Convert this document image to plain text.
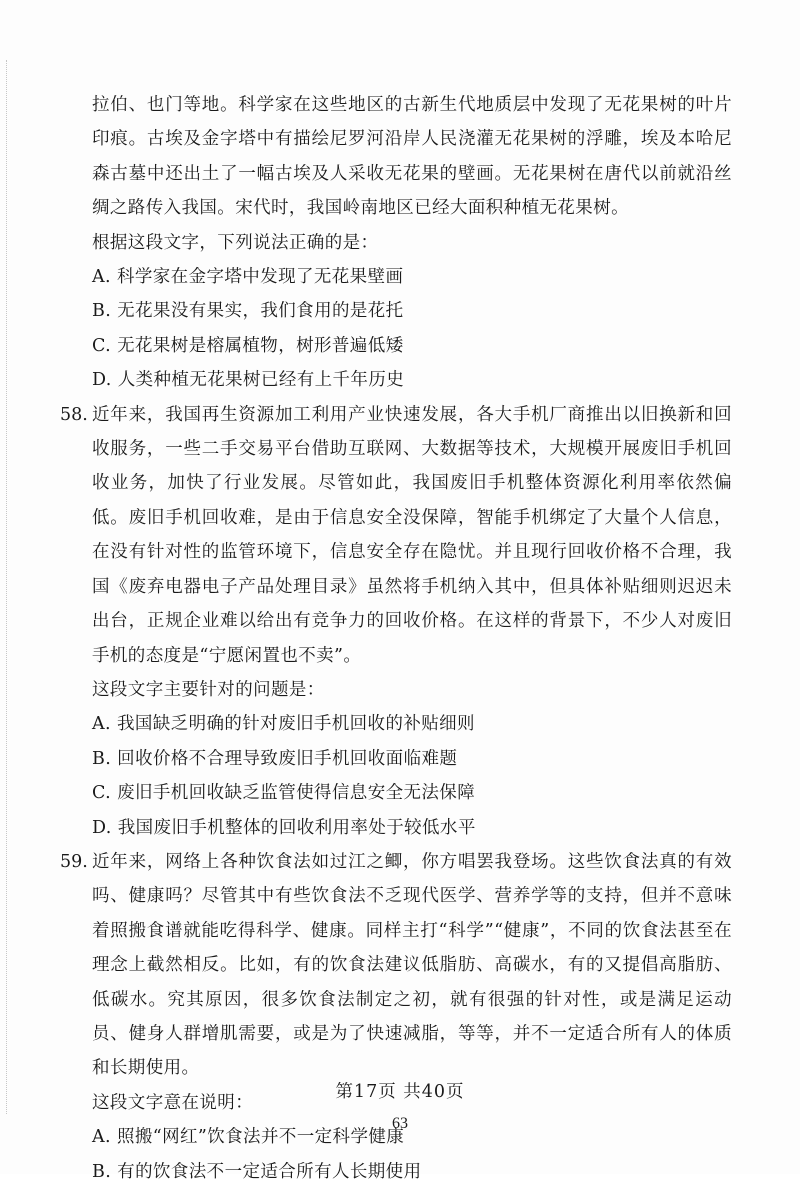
拉伯、也门等地。科学家在这些地区的古新生代地质层中发现了无花果树的叶片印痕。古埃及金字塔中有描绘尼罗河沿岸人民浇灌无花果树的浮雕，埃及本哈尼森古墓中还出土了一幅古埃及人采收无花果的壁画。无花果树在唐代以前就沿丝绸之路传入我国。宋代时，我国岭南地区已经大面积种植无花果树。

根据这段文字，下列说法正确的是：

A. 科学家在金字塔中发现了无花果壁画

B. 无花果没有果实，我们食用的是花托

C. 无花果树是榕属植物，树形普遍低矮

D. 人类种植无花果树已经有上千年历史

58. 近年来，我国再生资源加工利用产业快速发展，各大手机厂商推出以旧换新和回收服务，一些二手交易平台借助互联网、大数据等技术，大规模开展废旧手机回收业务，加快了行业发展。尽管如此，我国废旧手机整体资源化利用率依然偏低。废旧手机回收难，是由于信息安全没保障，智能手机绑定了大量个人信息，在没有针对性的监管环境下，信息安全存在隐忧。并且现行回收价格不合理，我国《废弃电器电子产品处理目录》虽然将手机纳入其中，但具体补贴细则迟迟未出台，正规企业难以给出有竞争力的回收价格。在这样的背景下，不少人对废旧手机的态度是“宁愿闲置也不卖”。

这段文字主要针对的问题是：

A. 我国缺乏明确的针对废旧手机回收的补贴细则

B. 回收价格不合理导致废旧手机回收面临难题

C. 废旧手机回收缺乏监管使得信息安全无法保障

D. 我国废旧手机整体的回收利用率处于较低水平

59. 近年来，网络上各种饮食法如过江之鲫，你方唱罢我登场。这些饮食法真的有效吗、健康吗？尽管其中有些饮食法不乏现代医学、营养学等的支持，但并不意味着照搬食谱就能吃得科学、健康。同样主打“科学”“健康”，不同的饮食法甚至在理念上截然相反。比如，有的饮食法建议低脂肪、高碳水，有的又提倡高脂肪、低碳水。究其原因，很多饮食法制定之初，就有很强的针对性，或是满足运动员、健身人群增肌需要，或是为了快速减脂，等等，并不一定适合所有人的体质和长期使用。

这段文字意在说明：

A. 照搬“网红”饮食法并不一定科学健康

B. 有的饮食法不一定适合所有人长期使用

第17页 共40页
63
